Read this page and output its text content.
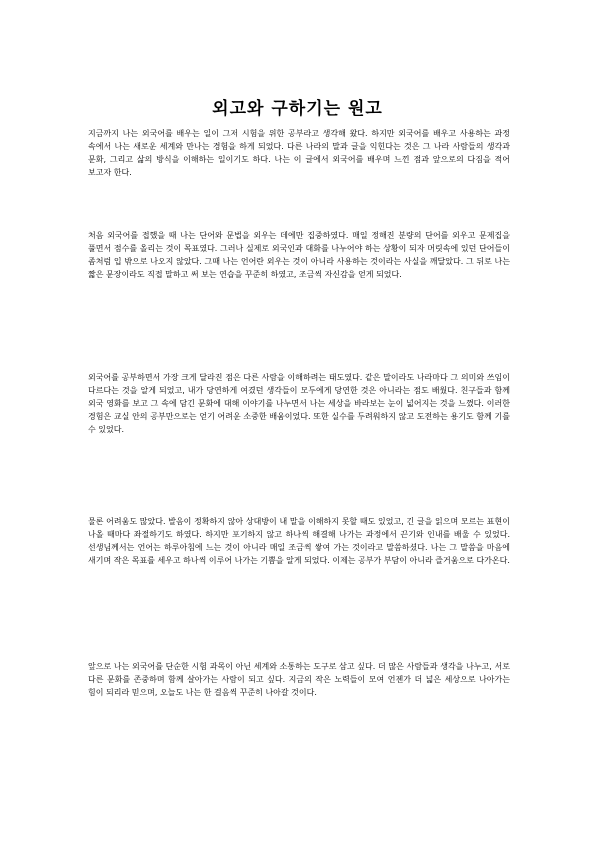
외고와 구하기는 원고

지금까지 나는 외국어를 배우는 일이 그저 시험을 위한 공부라고 생각해 왔다. 하지만 외국어를 배우고 사용하는 과정 속에서 나는 새로운 세계와 만나는 경험을 하게 되었다. 다른 나라의 말과 글을 익힌다는 것은 그 나라 사람들의 생각과 문화, 그리고 삶의 방식을 이해하는 일이기도 하다. 나는 이 글에서 외국어를 배우며 느낀 점과 앞으로의 다짐을 적어 보고자 한다.

처음 외국어를 접했을 때 나는 단어와 문법을 외우는 데에만 집중하였다. 매일 정해진 분량의 단어를 외우고 문제집을 풀면서 점수를 올리는 것이 목표였다. 그러나 실제로 외국인과 대화를 나누어야 하는 상황이 되자 머릿속에 있던 단어들이 좀처럼 입 밖으로 나오지 않았다. 그때 나는 언어란 외우는 것이 아니라 사용하는 것이라는 사실을 깨달았다. 그 뒤로 나는 짧은 문장이라도 직접 말하고 써 보는 연습을 꾸준히 하였고, 조금씩 자신감을 얻게 되었다.

외국어를 공부하면서 가장 크게 달라진 점은 다른 사람을 이해하려는 태도였다. 같은 말이라도 나라마다 그 의미와 쓰임이 다르다는 것을 알게 되었고, 내가 당연하게 여겼던 생각들이 모두에게 당연한 것은 아니라는 점도 배웠다. 친구들과 함께 외국 영화를 보고 그 속에 담긴 문화에 대해 이야기를 나누면서 나는 세상을 바라보는 눈이 넓어지는 것을 느꼈다. 이러한 경험은 교실 안의 공부만으로는 얻기 어려운 소중한 배움이었다. 또한 실수를 두려워하지 않고 도전하는 용기도 함께 기를 수 있었다.

물론 어려움도 많았다. 발음이 정확하지 않아 상대방이 내 말을 이해하지 못할 때도 있었고, 긴 글을 읽으며 모르는 표현이 나올 때마다 좌절하기도 하였다. 하지만 포기하지 않고 하나씩 해결해 나가는 과정에서 끈기와 인내를 배울 수 있었다. 선생님께서는 언어는 하루아침에 느는 것이 아니라 매일 조금씩 쌓여 가는 것이라고 말씀하셨다. 나는 그 말씀을 마음에 새기며 작은 목표를 세우고 하나씩 이루어 나가는 기쁨을 알게 되었다. 이제는 공부가 부담이 아니라 즐거움으로 다가온다.

앞으로 나는 외국어를 단순한 시험 과목이 아닌 세계와 소통하는 도구로 삼고 싶다. 더 많은 사람들과 생각을 나누고, 서로 다른 문화를 존중하며 함께 살아가는 사람이 되고 싶다. 지금의 작은 노력들이 모여 언젠가 더 넓은 세상으로 나아가는 힘이 되리라 믿으며, 오늘도 나는 한 걸음씩 꾸준히 나아갈 것이다.
